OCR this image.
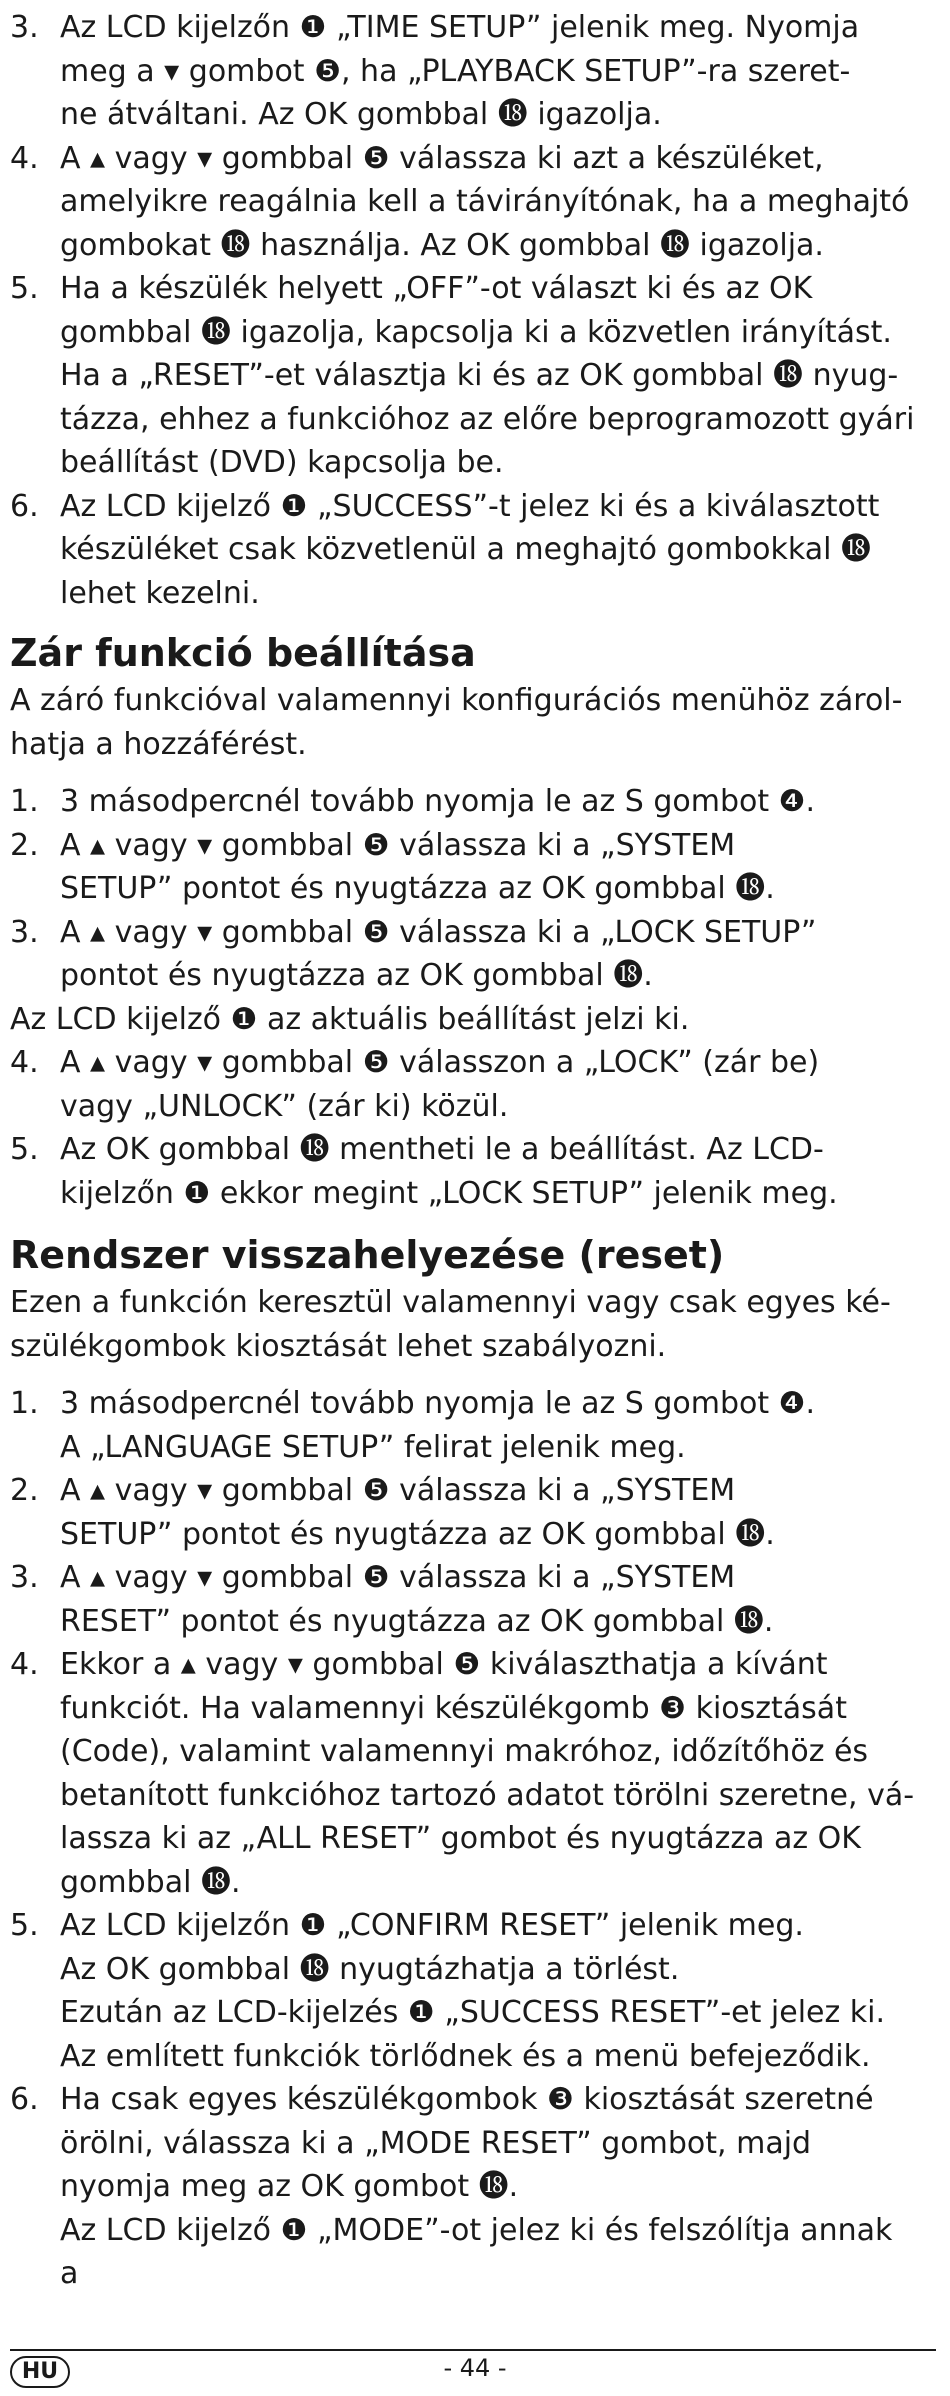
3. Az LCD kijelzőn ❶ „TIME SETUP” jelenik meg. Nyomja
meg a ▾ gombot ❺, ha „PLAYBACK SETUP”-ra szeret-
ne átváltani. Az OK gombbal ⓲ igazolja.
4. A ▴ vagy ▾ gombbal ❺ válassza ki azt a készüléket,
amelyikre reagálnia kell a távirányítónak, ha a meghajtó
gombokat ⓲ használja. Az OK gombbal ⓲ igazolja.
5. Ha a készülék helyett „OFF”-ot választ ki és az OK
gombbal ⓲ igazolja, kapcsolja ki a közvetlen irányítást.
Ha a „RESET”-et választja ki és az OK gombbal ⓲ nyug-
tázza, ehhez a funkcióhoz az előre beprogramozott gyári
beállítást (DVD) kapcsolja be.
6. Az LCD kijelző ❶ „SUCCESS”-t jelez ki és a kiválasztott
készüléket csak közvetlenül a meghajtó gombokkal ⓲
lehet kezelni.
Zár funkció beállítása

A záró funkcióval valamennyi konfigurációs menühöz zárol-

hatja a hozzáférést.

1. 3 másodpercnél tovább nyomja le az S gombot ❹.
2. A ▴ vagy ▾ gombbal ❺ válassza ki a „SYSTEM
SETUP” pontot és nyugtázza az OK gombbal ⓲.
3. A ▴ vagy ▾ gombbal ❺ válassza ki a „LOCK SETUP”
pontot és nyugtázza az OK gombbal ⓲.

Az LCD kijelző ❶ az aktuális beállítást jelzi ki.

4. A ▴ vagy ▾ gombbal ❺ válasszon a „LOCK” (zár be)
vagy „UNLOCK” (zár ki) közül.
5. Az OK gombbal ⓲ mentheti le a beállítást. Az LCD-
kijelzőn ❶ ekkor megint „LOCK SETUP” jelenik meg.
Rendszer visszahelyezése (reset)

Ezen a funkción keresztül valamennyi vagy csak egyes ké-

szülékgombok kiosztását lehet szabályozni.

1. 3 másodpercnél tovább nyomja le az S gombot ❹.
A „LANGUAGE SETUP” felirat jelenik meg.
2. A ▴ vagy ▾ gombbal ❺ válassza ki a „SYSTEM
SETUP” pontot és nyugtázza az OK gombbal ⓲.
3. A ▴ vagy ▾ gombbal ❺ válassza ki a „SYSTEM
RESET” pontot és nyugtázza az OK gombbal ⓲.
4. Ekkor a ▴ vagy ▾ gombbal ❺ kiválaszthatja a kívánt
funkciót. Ha valamennyi készülékgomb ❸ kiosztását
(Code), valamint valamennyi makróhoz, időzítőhöz és
betanított funkcióhoz tartozó adatot törölni szeretne, vá-
lassza ki az „ALL RESET” gombot és nyugtázza az OK
gombbal ⓲.
5. Az LCD kijelzőn ❶ „CONFIRM RESET” jelenik meg.
Az OK gombbal ⓲ nyugtázhatja a törlést.
Ezután az LCD-kijelzés ❶ „SUCCESS RESET”-et jelez ki.
Az említett funkciók törlődnek és a menü befejeződik.
6. Ha csak egyes készülékgombok ❸ kiosztását szeretné
örölni, válassza ki a „MODE RESET” gombot, majd
nyomja meg az OK gombot ⓲.
Az LCD kijelző ❶ „MODE”-ot jelez ki és felszólítja annak a
HU	- 44 -
